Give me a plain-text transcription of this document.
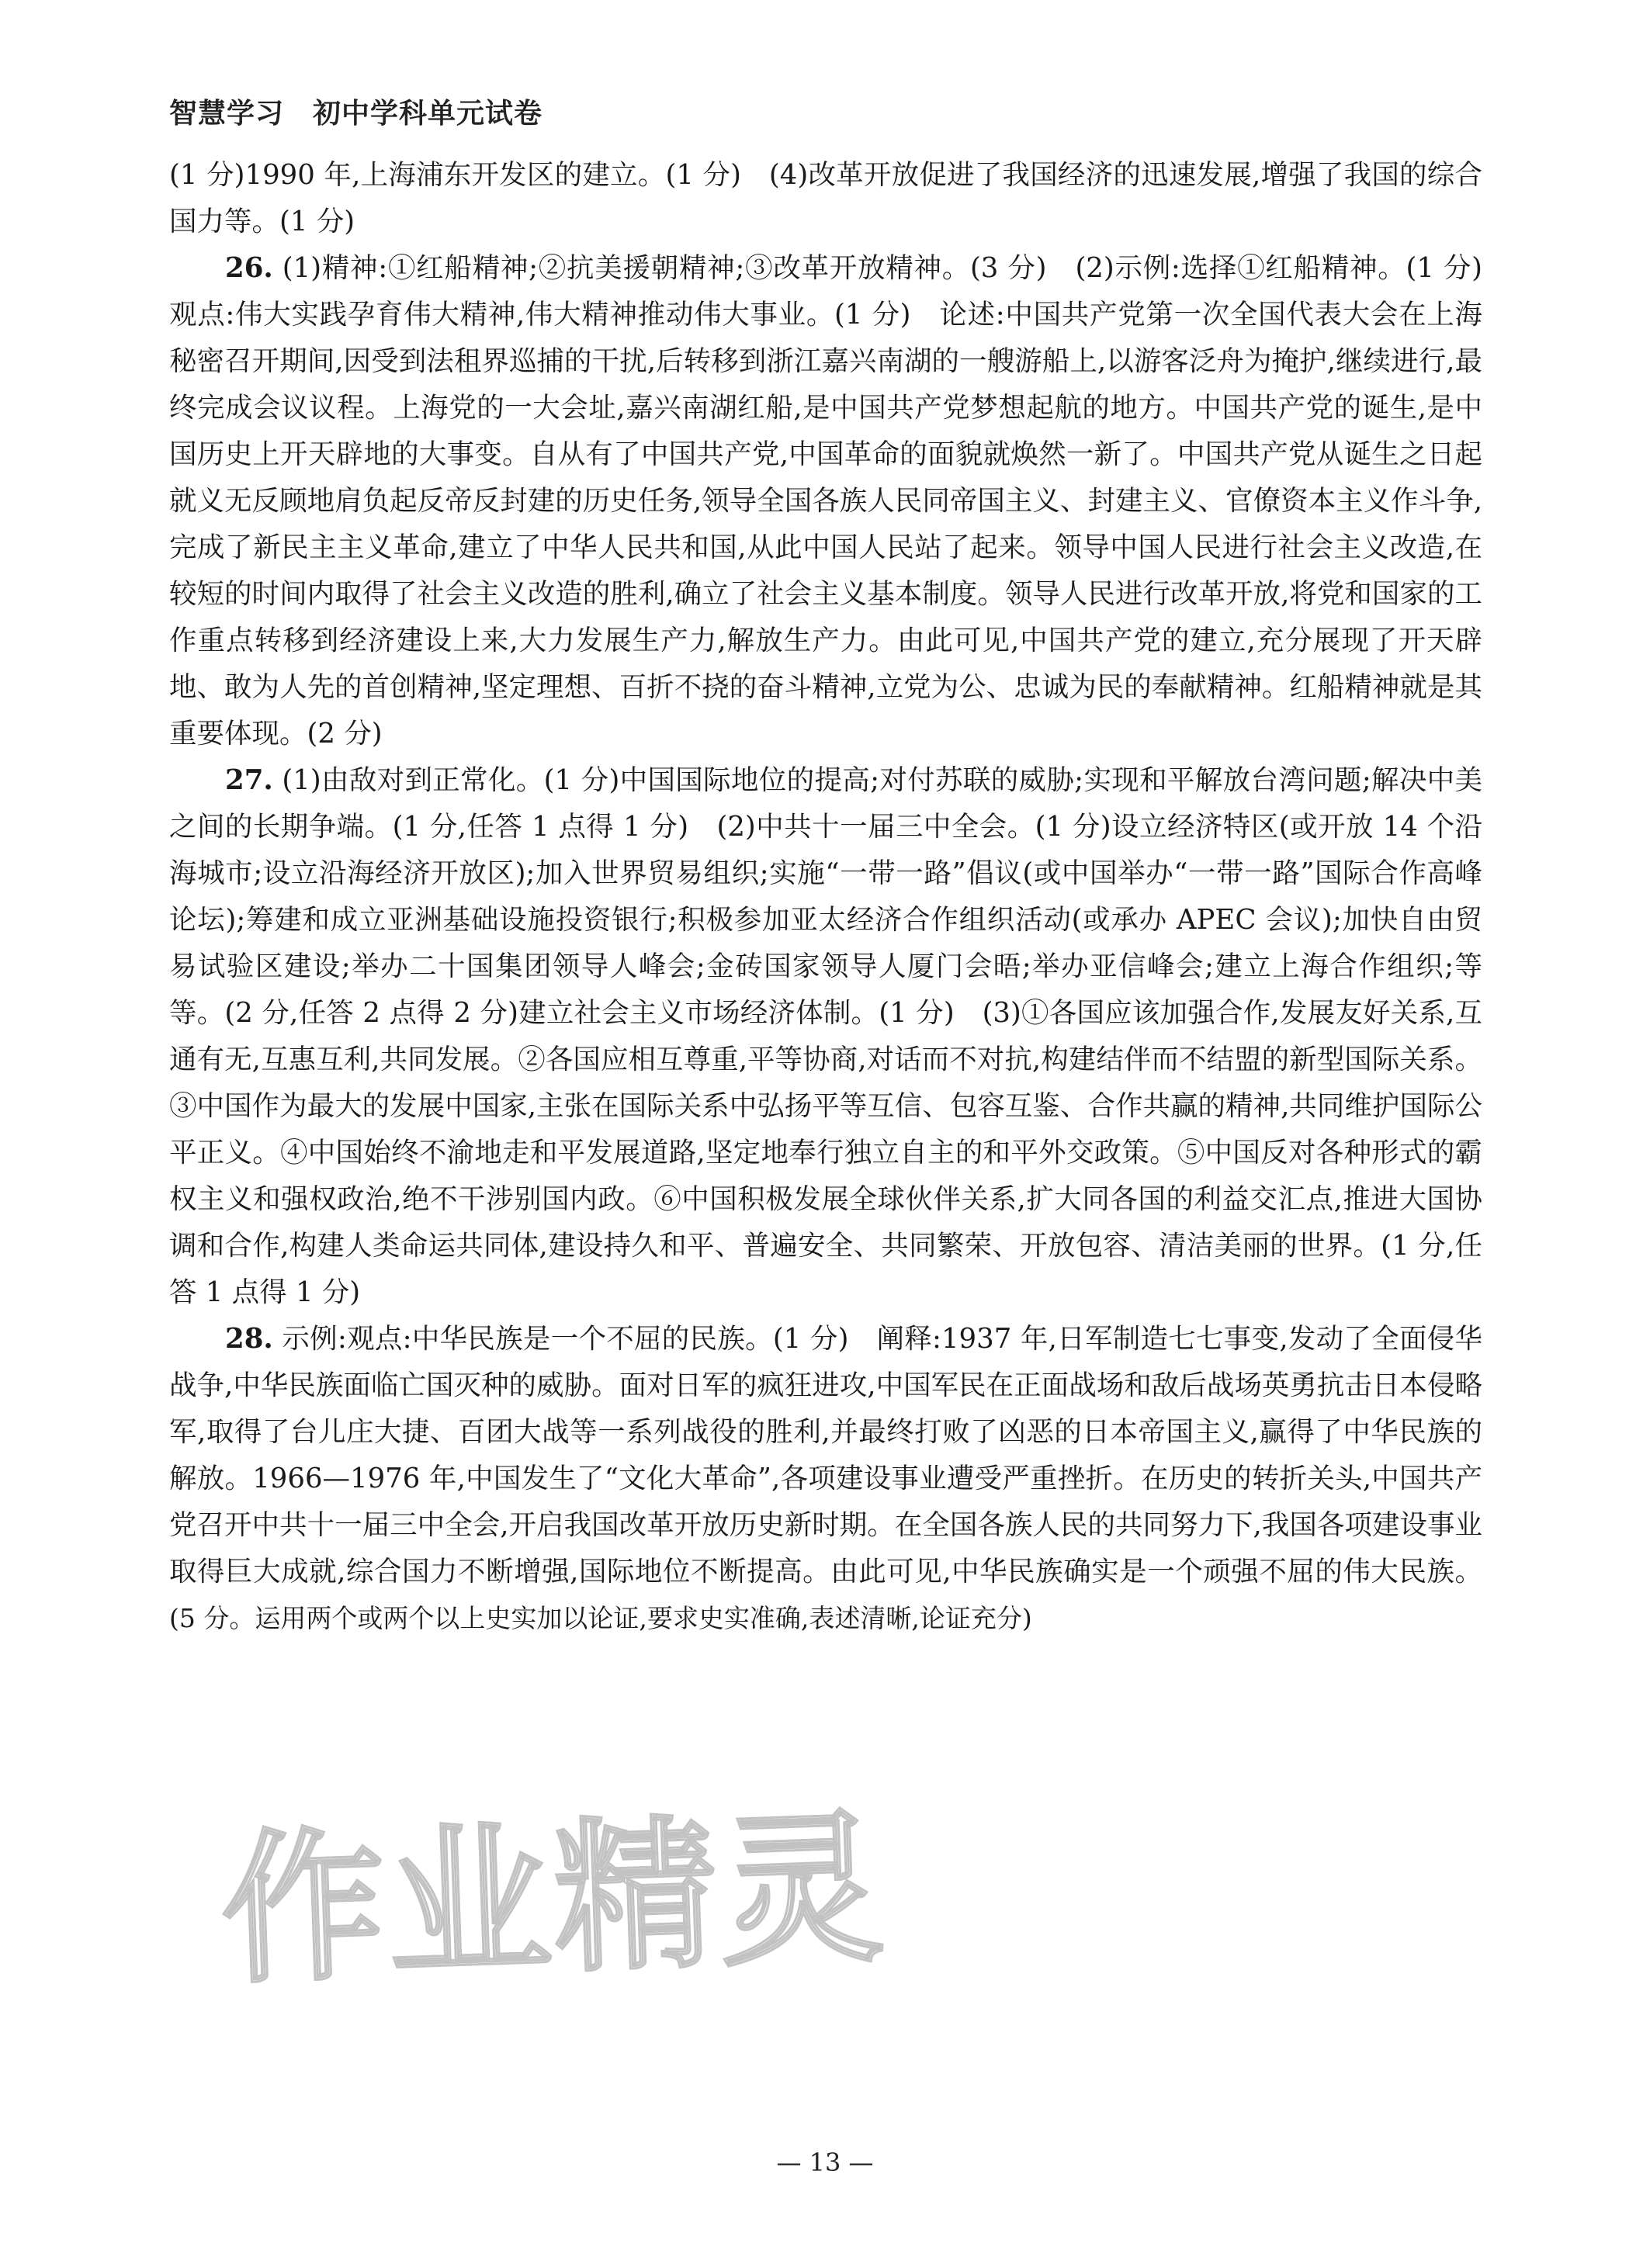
智慧学习　初中学科单元试卷

(1 分)1990 年,上海浦东开发区的建立。(1 分)　(4)改革开放促进了我国经济的迅速发展,增强了我国的综合国力等。(1 分)

26. (1)精神:①红船精神;②抗美援朝精神;③改革开放精神。(3 分)　(2)示例:选择①红船精神。(1 分)　观点:伟大实践孕育伟大精神,伟大精神推动伟大事业。(1 分)　论述:中国共产党第一次全国代表大会在上海秘密召开期间,因受到法租界巡捕的干扰,后转移到浙江嘉兴南湖的一艘游船上,以游客泛舟为掩护,继续进行,最终完成会议议程。上海党的一大会址,嘉兴南湖红船,是中国共产党梦想起航的地方。中国共产党的诞生,是中国历史上开天辟地的大事变。自从有了中国共产党,中国革命的面貌就焕然一新了。中国共产党从诞生之日起就义无反顾地肩负起反帝反封建的历史任务,领导全国各族人民同帝国主义、封建主义、官僚资本主义作斗争,完成了新民主主义革命,建立了中华人民共和国,从此中国人民站了起来。领导中国人民进行社会主义改造,在较短的时间内取得了社会主义改造的胜利,确立了社会主义基本制度。领导人民进行改革开放,将党和国家的工作重点转移到经济建设上来,大力发展生产力,解放生产力。由此可见,中国共产党的建立,充分展现了开天辟地、敢为人先的首创精神,坚定理想、百折不挠的奋斗精神,立党为公、忠诚为民的奉献精神。红船精神就是其重要体现。(2 分)

27. (1)由敌对到正常化。(1 分)中国国际地位的提高;对付苏联的威胁;实现和平解放台湾问题;解决中美之间的长期争端。(1 分,任答 1 点得 1 分)　(2)中共十一届三中全会。(1 分)设立经济特区(或开放 14 个沿海城市;设立沿海经济开放区);加入世界贸易组织;实施“一带一路”倡议(或中国举办“一带一路”国际合作高峰论坛);筹建和成立亚洲基础设施投资银行;积极参加亚太经济合作组织活动(或承办 APEC 会议);加快自由贸易试验区建设;举办二十国集团领导人峰会;金砖国家领导人厦门会晤;举办亚信峰会;建立上海合作组织;等等。(2 分,任答 2 点得 2 分)建立社会主义市场经济体制。(1 分)　(3)①各国应该加强合作,发展友好关系,互通有无,互惠互利,共同发展。②各国应相互尊重,平等协商,对话而不对抗,构建结伴而不结盟的新型国际关系。③中国作为最大的发展中国家,主张在国际关系中弘扬平等互信、包容互鉴、合作共赢的精神,共同维护国际公平正义。④中国始终不渝地走和平发展道路,坚定地奉行独立自主的和平外交政策。⑤中国反对各种形式的霸权主义和强权政治,绝不干涉别国内政。⑥中国积极发展全球伙伴关系,扩大同各国的利益交汇点,推进大国协调和合作,构建人类命运共同体,建设持久和平、普遍安全、共同繁荣、开放包容、清洁美丽的世界。(1 分,任答 1 点得 1 分)

28. 示例:观点:中华民族是一个不屈的民族。(1 分)　阐释:1937 年,日军制造七七事变,发动了全面侵华战争,中华民族面临亡国灭种的威胁。面对日军的疯狂进攻,中国军民在正面战场和敌后战场英勇抗击日本侵略军,取得了台儿庄大捷、百团大战等一系列战役的胜利,并最终打败了凶恶的日本帝国主义,赢得了中华民族的解放。1966—1976 年,中国发生了“文化大革命”,各项建设事业遭受严重挫折。在历史的转折关头,中国共产党召开中共十一届三中全会,开启我国改革开放历史新时期。在全国各族人民的共同努力下,我国各项建设事业取得巨大成就,综合国力不断增强,国际地位不断提高。由此可见,中华民族确实是一个顽强不屈的伟大民族。(5 分。运用两个或两个以上史实加以论证,要求史实准确,表述清晰,论证充分)

作业精灵
— 13 —
